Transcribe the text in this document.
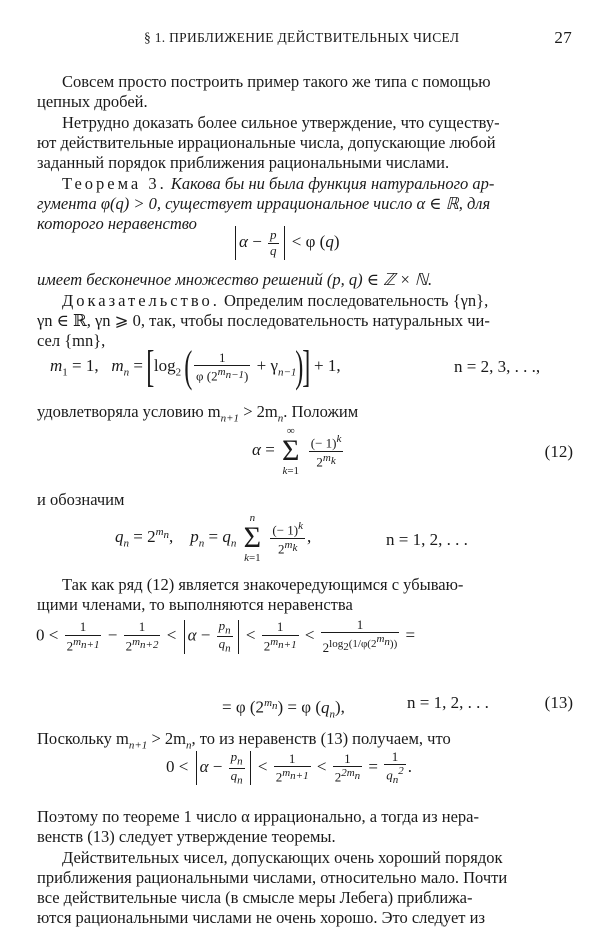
§ 1. ПРИБЛИЖЕНИЕ ДЕЙСТВИТЕЛЬНЫХ ЧИСЕЛ	27
Совсем просто построить пример такого же типа с помощью
цепных дробей.
Нетрудно доказать более сильное утверждение, что существу-
ют действительные иррациональные числа, допускающие любой
заданный порядок приближения рациональными числами.
Теорема 3. Какова бы ни была функция натурального ар-
гумента φ(q) > 0, существует иррациональное число α ∈ ℝ, для
которого неравенство
$\alpha - \frac{p}{q} < \varphi$ (q)
имеет бесконечное множество решений (p, q) ∈ ℤ × ℕ.
Доказательство. Определим последовательность {γn},
γn ∈ ℝ, γn ⩾ 0, так, чтобы последовательность натуральных чи-
сел {mn},
$m_1 = 1$,   $m_n = [\log_2$ ( $\frac{1}{\varphi (2^{m_{n-1}})} + \gamma_{n-1})] + 1$,	n = 2, 3, . . .,
удовлетворяла условию $m_{n+1} > 2m_n$. Положим
α = ∞
Σ
k=1
$\frac{(- 1)^k}{2^{m_k}}$	(12)
и обозначим
$q_n = 2^{m_n}$,    $p_n = q_n$ n
Σ
k=1
$\frac{(- 1)^k}{2^{m_k}}$ ,	n = 1, 2, . . .
Так как ряд (12) является знакочередующимся с убываю-
щими членами, то выполняются неравенства
$0 < \frac{1}{2^{m_{n+1}}} - \frac{1}{2^{m_{n+2}}} < \alpha - \frac{p_n}{q_n} < \frac{1}{2^{m_{n+1}}} < \frac{1}{2^{log_2(1/\varphi(2^{m_n}))}}$ =
= φ $(2^{m_n}) = \varphi$ $(q_n)$,	n = 1, 2, . . .	(13)
Поскольку $m_{n+1} > 2m_n$, то из неравенств (13) получаем, что
$0 < \alpha - \frac{p_n}{q_n} < \frac{1}{2^{m_{n+1}}} < \frac{1}{2^{2m_n}} = \frac{1}{q_n^2}$ .
Поэтому по теореме 1 число α иррационально, а тогда из нера-
венств (13) следует утверждение теоремы.
Действительных чисел, допускающих очень хороший порядок
приближения рациональными числами, относительно мало. Почти
все действительные числа (в смысле меры Лебега) приближа-
ются рациональными числами не очень хорошо. Это следует из
